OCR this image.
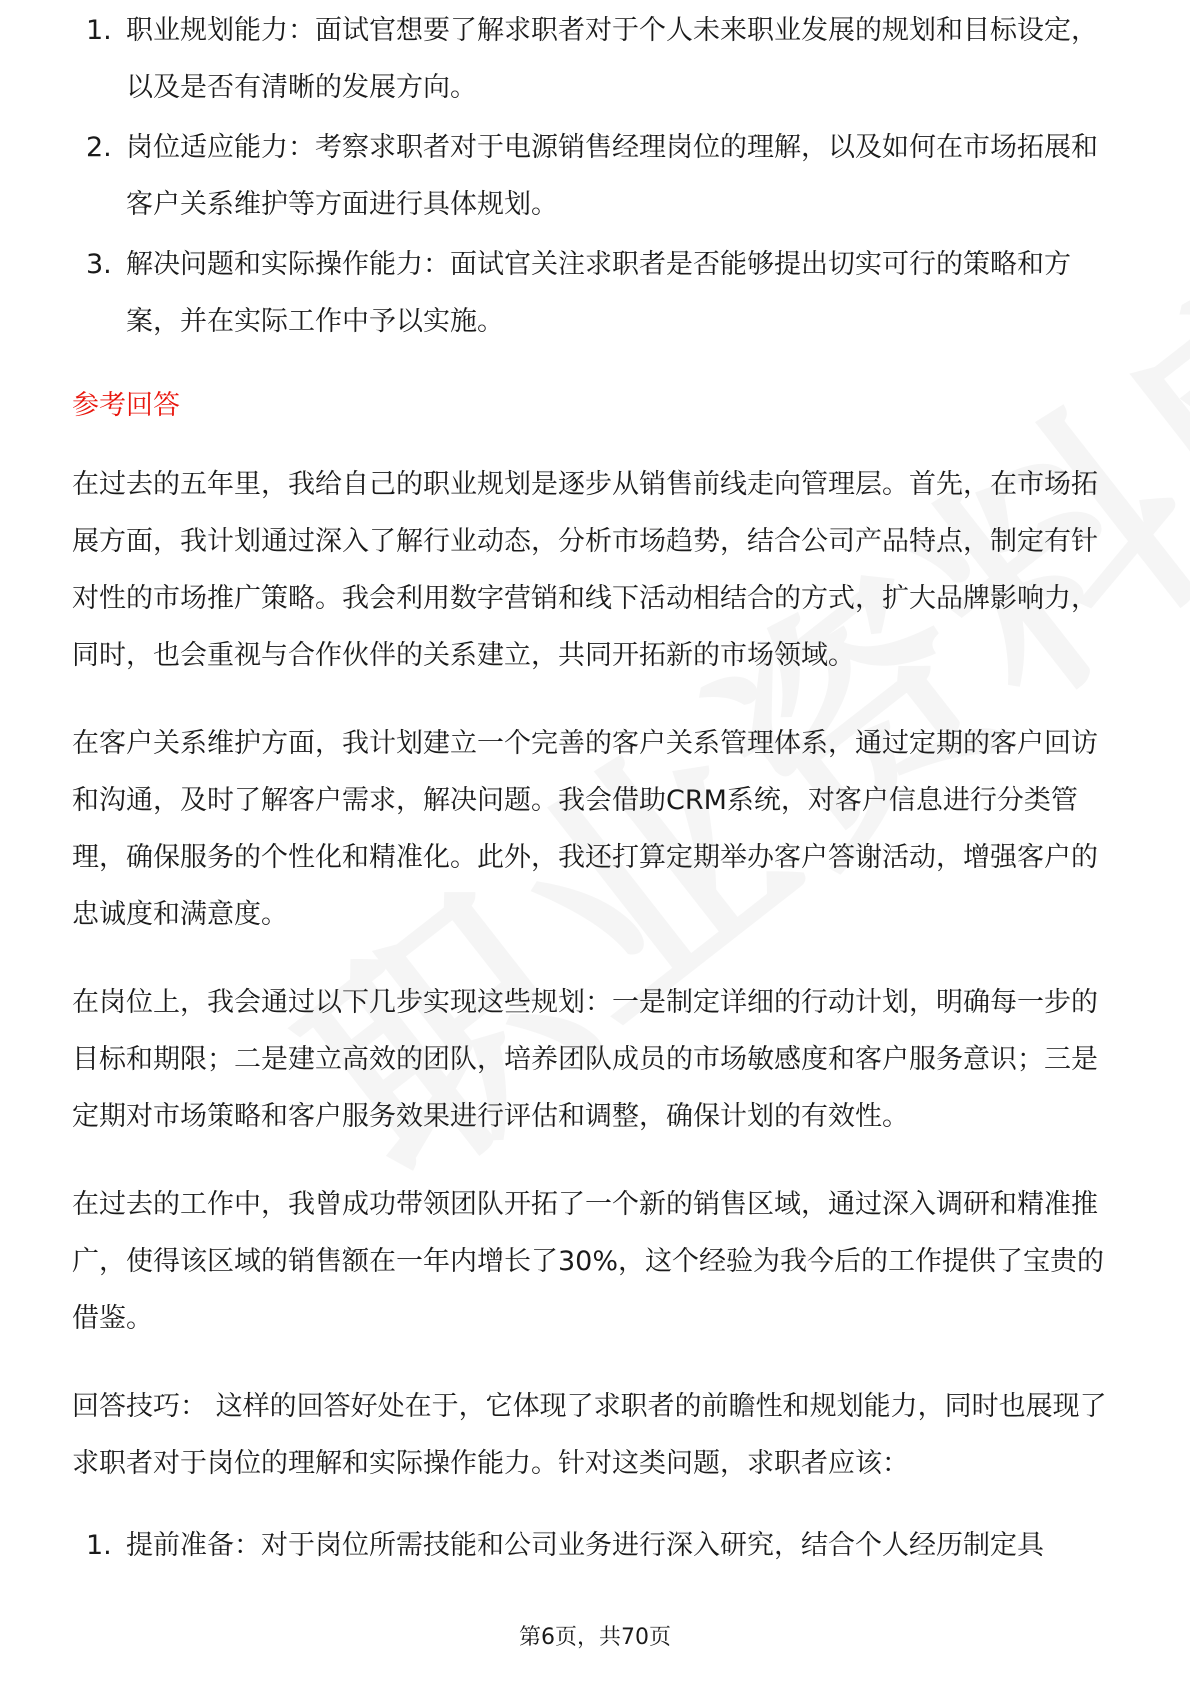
1. 职业规划能力：面试官想要了解求职者对于个人未来职业发展的规划和目标设定，以及是否有清晰的发展方向。
2. 岗位适应能力：考察求职者对于电源销售经理岗位的理解，以及如何在市场拓展和客户关系维护等方面进行具体规划。
3. 解决问题和实际操作能力：面试官关注求职者是否能够提出切实可行的策略和方案，并在实际工作中予以实施。
参考回答

在过去的五年里，我给自己的职业规划是逐步从销售前线走向管理层。首先，在市场拓展方面，我计划通过深入了解行业动态，分析市场趋势，结合公司产品特点，制定有针对性的市场推广策略。我会利用数字营销和线下活动相结合的方式，扩大品牌影响力，同时，也会重视与合作伙伴的关系建立，共同开拓新的市场领域。

在客户关系维护方面，我计划建立一个完善的客户关系管理体系，通过定期的客户回访和沟通，及时了解客户需求，解决问题。我会借助CRM系统，对客户信息进行分类管理，确保服务的个性化和精准化。此外，我还打算定期举办客户答谢活动，增强客户的忠诚度和满意度。

在岗位上，我会通过以下几步实现这些规划：一是制定详细的行动计划，明确每一步的目标和期限；二是建立高效的团队，培养团队成员的市场敏感度和客户服务意识；三是定期对市场策略和客户服务效果进行评估和调整，确保计划的有效性。

在过去的工作中，我曾成功带领团队开拓了一个新的销售区域，通过深入调研和精准推广，使得该区域的销售额在一年内增长了30%，这个经验为我今后的工作提供了宝贵的借鉴。

回答技巧： 这样的回答好处在于，它体现了求职者的前瞻性和规划能力，同时也展现了求职者对于岗位的理解和实际操作能力。针对这类问题，求职者应该：

1. 提前准备：对于岗位所需技能和公司业务进行深入研究，结合个人经历制定具
第6页，共70页
